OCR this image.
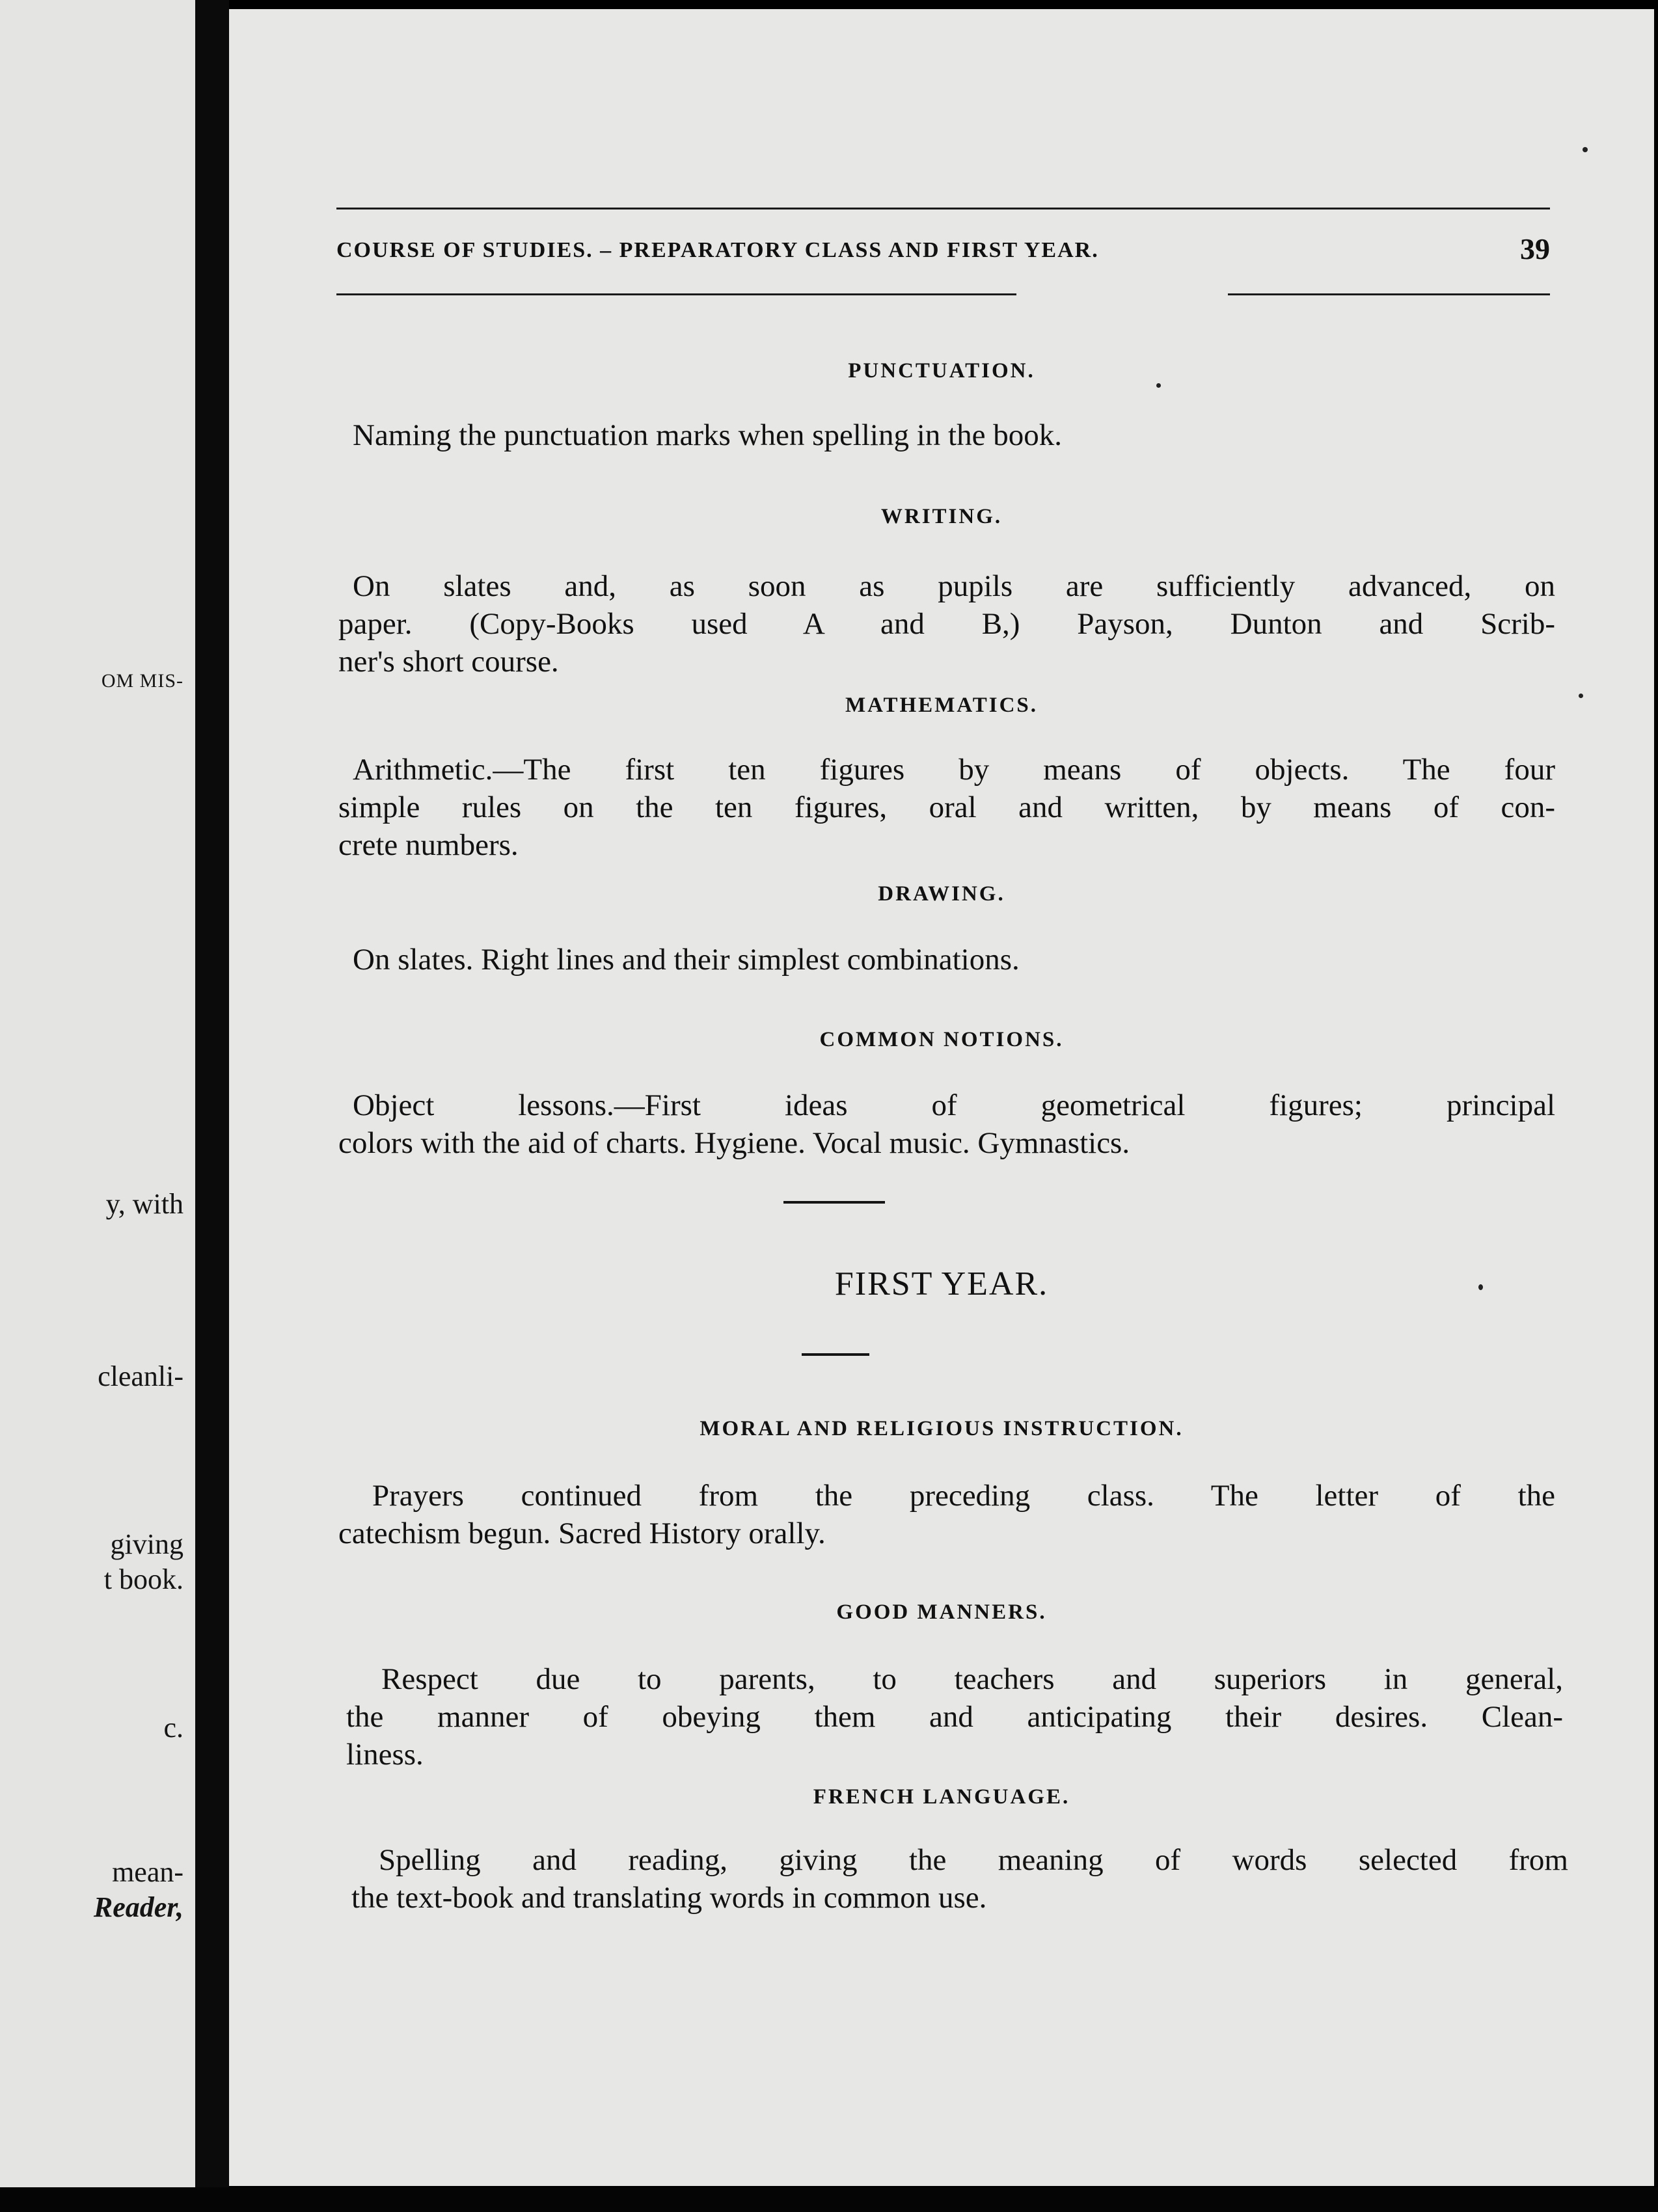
OM MIS-
y, with
cleanli-
giving
t book.
c.
mean-
Reader,
COURSE OF STUDIES. – PREPARATORY CLASS AND FIRST YEAR.	39
PUNCTUATION.
Naming the punctuation marks when spelling in the book.
WRITING.
On slates and, as soon as pupils are sufficiently advanced, on
paper. (Copy-Books used A and B,) Payson, Dunton and Scrib-
ner's short course.
MATHEMATICS.
Arithmetic.—The first ten figures by means of objects. The four
simple rules on the ten figures, oral and written, by means of con-
crete numbers.
DRAWING.
On slates. Right lines and their simplest combinations.
COMMON NOTIONS.
Object lessons.—First ideas of geometrical figures; principal
colors with the aid of charts. Hygiene. Vocal music. Gymnastics.
FIRST YEAR.
MORAL AND RELIGIOUS INSTRUCTION.
Prayers continued from the preceding class. The letter of the
catechism begun. Sacred History orally.
GOOD MANNERS.
Respect due to parents, to teachers and superiors in general,
the manner of obeying them and anticipating their desires. Clean-
liness.
FRENCH LANGUAGE.
Spelling and reading, giving the meaning of words selected from
the text-book and translating words in common use.
